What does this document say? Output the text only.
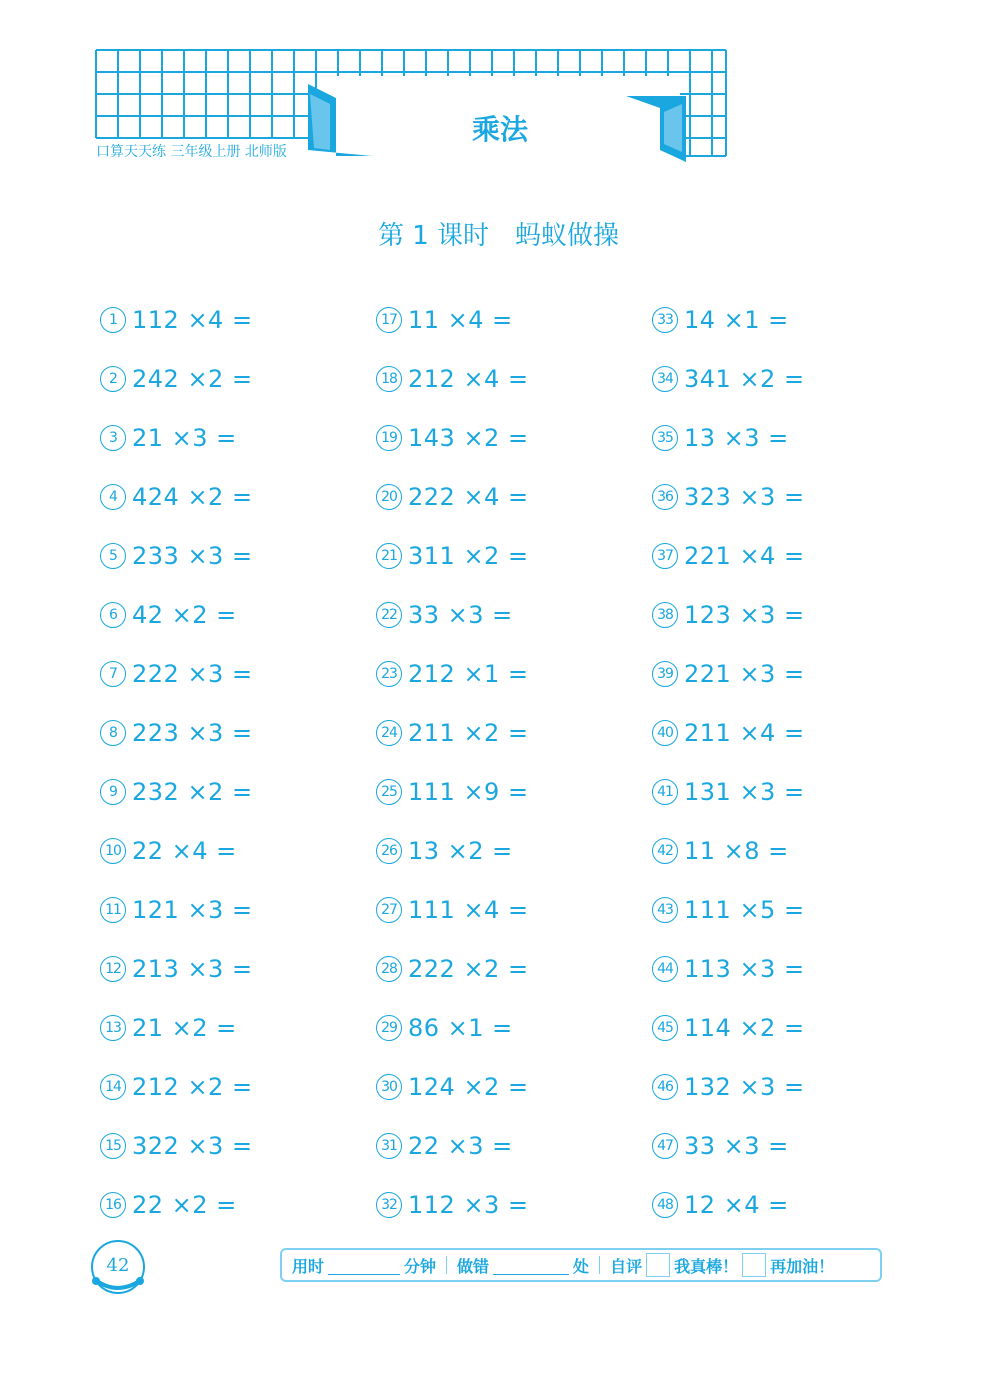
口算天天练 三年级上册 北师版
乘法
第 1 课时　蚂蚁做操
1 112 ×4 =
2 242 ×2 =
3 21 ×3 =
4 424 ×2 =
5 233 ×3 =
6 42 ×2 =
7 222 ×3 =
8 223 ×3 =
9 232 ×2 =
10 22 ×4 =
11 121 ×3 =
12 213 ×3 =
13 21 ×2 =
14 212 ×2 =
15 322 ×3 =
16 22 ×2 =
17 11 ×4 =
18 212 ×4 =
19 143 ×2 =
20 222 ×4 =
21 311 ×2 =
22 33 ×3 =
23 212 ×1 =
24 211 ×2 =
25 111 ×9 =
26 13 ×2 =
27 111 ×4 =
28 222 ×2 =
29 86 ×1 =
30 124 ×2 =
31 22 ×3 =
32 112 ×3 =
33 14 ×1 =
34 341 ×2 =
35 13 ×3 =
36 323 ×3 =
37 221 ×4 =
38 123 ×3 =
39 221 ×3 =
40 211 ×4 =
41 131 ×3 =
42 11 ×8 =
43 111 ×5 =
44 113 ×3 =
45 114 ×2 =
46 132 ×3 =
47 33 ×3 =
48 12 ×4 =
42	用时	分钟 做错	处 自评 我真棒！ 再加油！
